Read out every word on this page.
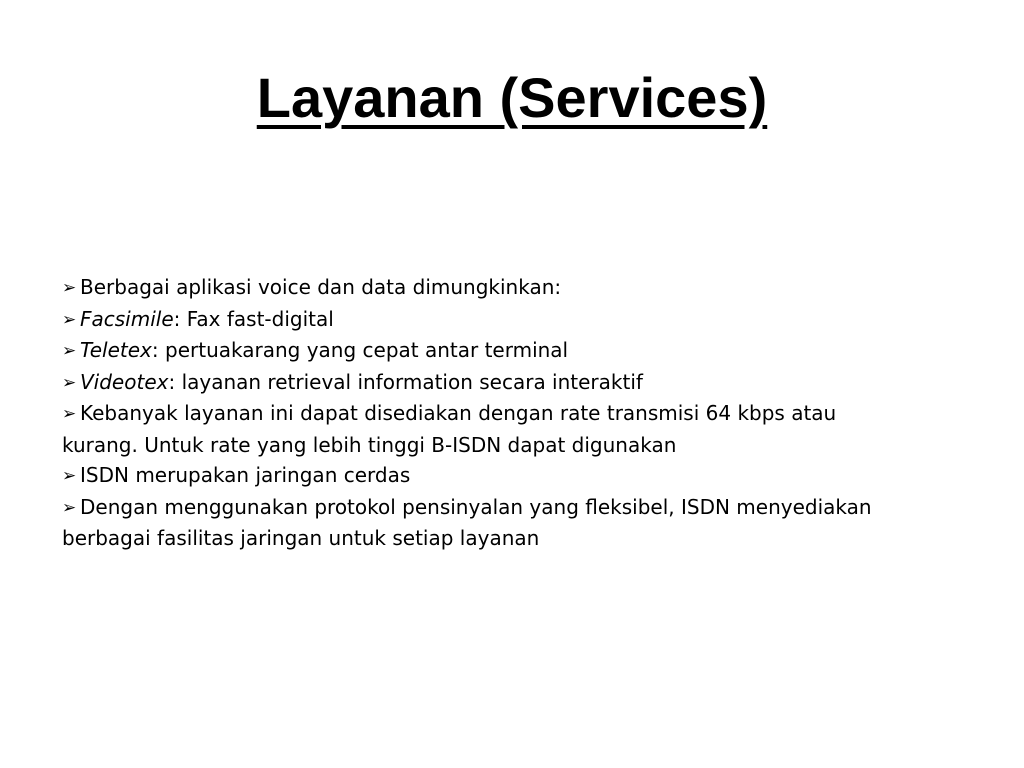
Layanan (Services)
➢ Berbagai aplikasi voice dan data dimungkinkan:
➢ Facsimile: Fax fast-digital
➢ Teletex: pertuakarang yang cepat antar terminal
➢ Videotex: layanan retrieval information secara interaktif
➢ Kebanyak layanan ini dapat disediakan dengan rate transmisi 64 kbps atau
kurang. Untuk rate yang lebih tinggi B-ISDN dapat digunakan
➢ ISDN merupakan jaringan cerdas
➢ Dengan menggunakan protokol pensinyalan yang fleksibel, ISDN menyediakan
berbagai fasilitas jaringan untuk setiap layanan
